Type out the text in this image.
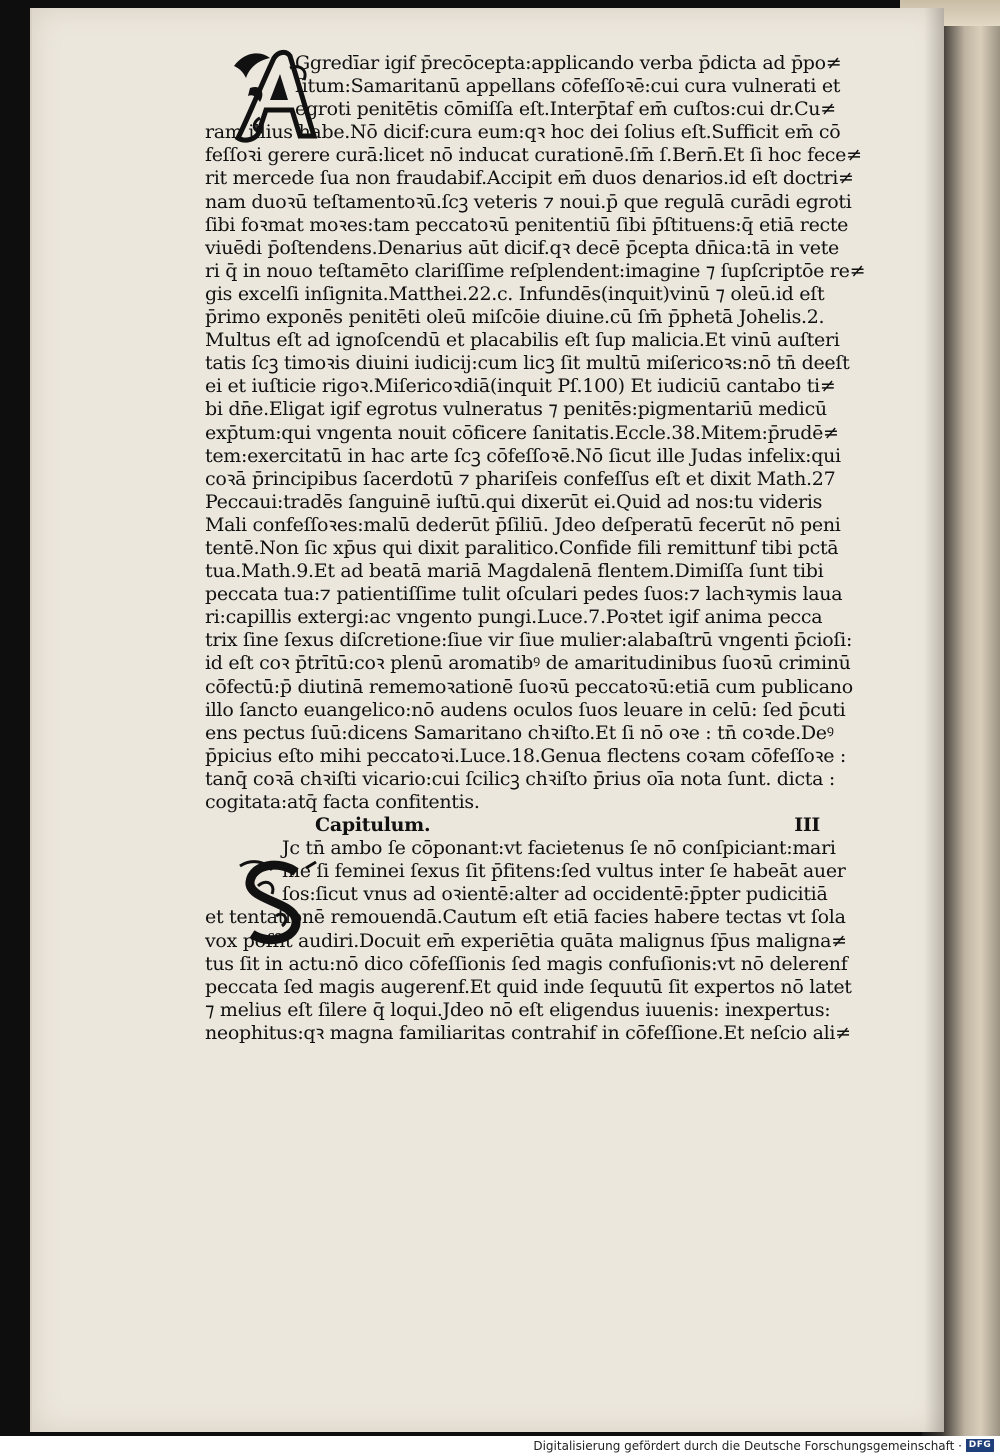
Ggredīar igif p̄recōcepta:applicando verba p̄dicta ad p̄po≠
ſitum:Samaritanū appellans cōfeſſoꝛē:cui cura vulnerati et
egroti penitētis cōmiſſa eſt.Interp̄taf em̄ cuſtos:cui dr.Cu≠
ram illius habe.Nō dicif:cura eum:qꝛ hoc dei ſolius eſt.Sufficit em̄ cō
feſſoꝛi gerere curā:licet nō inducat curationē.ſm̄ ſ.Bern̄.Et ſi hoc fece≠
rit mercede ſua non fraudabif.Accipit em̄ duos denarios.id eſt doctri≠
nam duoꝛū teſtamentoꝛū.ſcꝫ veteris ⁊ noui.p̄ que regulā curādi egroti
ſibi foꝛmat moꝛes:tam peccatoꝛū penitentiū ſibi p̄ſtituens:q̄ etiā recte
viuēdi p̄oſtendens.Denarius aūt dicif.qꝛ decē p̄cepta dn̄ica:tā in vete
ri q̄ in nouo teſtamēto clariſſime reſplendent:imagine ⁊ ſupſcriptōe re≠
gis excelſi inſignita.Matthei.22.c. Infundēs(inquit)vinū ⁊ oleū.id eſt
p̄rimo exponēs penitēti oleū miſcōie diuine.cū ſm̄ p̄phetā Johelis.2.
Multus eſt ad ignoſcendū et placabilis eſt ſup malicia.Et vinū auſteri
tatis ſcꝫ timoꝛis diuini iudicij:cum licꝫ ſit multū miſericoꝛs:nō tn̄ deeſt
ei et iuſticie rigoꝛ.Miſericoꝛdiā(inquit Pſ.100) Et iudiciū cantabo ti≠
bi dn̄e.Eligat igif egrotus vulneratus ⁊ penitēs:pigmentariū medicū
exp̄tum:qui vngenta nouit cōficere ſanitatis.Eccle.38.Mitem:p̄rudē≠
tem:exercitatū in hac arte ſcꝫ cōfeſſoꝛē.Nō ſicut ille Judas infelix:qui
coꝛā p̄rincipibus ſacerdotū ⁊ phariſeis confeſſus eſt et dixit Math.27
Peccaui:tradēs ſanguinē iuſtū.qui dixerūt ei.Quid ad nos:tu videris
Mali confeſſoꝛes:malū dederūt p̄ſiliū. Jdeo deſperatū fecerūt nō peni
tentē.Non ſic xp̄us qui dixit paralitico.Confide fili remittunf tibi pctā
tua.Math.9.Et ad beatā mariā Magdalenā flentem.Dimiſſa ſunt tibi
peccata tua:⁊ patientiſſime tulit oſculari pedes ſuos:⁊ lachꝛymis laua
ri:capillis extergi:ac vngento pungi.Luce.7.Poꝛtet igif anima pecca
trix ſine ſexus diſcretione:ſiue vir ſiue mulier:alabaſtrū vngenti p̄cioſi:
id eſt coꝛ p̄trītū:coꝛ plenū aromatibꝰ de amaritudinibus ſuoꝛū criminū
cōfectū:p̄ diutinā rememoꝛationē ſuoꝛū peccatoꝛū:etiā cum publicano
illo ſancto euangelico:nō audens oculos ſuos leuare in celū: ſed p̄cuti
ens pectus ſuū:dicens Samaritano chꝛiſto.Et ſi nō oꝛe : tn̄ coꝛde.Deꝰ
p̄picius eſto mihi peccatoꝛi.Luce.18.Genua flectens coꝛam cōfeſſoꝛe :
tanq̄ coꝛā chꝛiſti vicario:cui ſcilicꝫ chꝛiſto p̄rius oīa nota ſunt. dicta :
cogitata:atq̄ facta confitentis.
Capitulum.	III
Jc tn̄ ambo ſe cōponant:vt facietenus ſe nō conſpiciant:mari
me ſi feminei ſexus ſit p̄fitens:ſed vultus inter ſe habeāt auer
ſos:ſicut vnus ad oꝛientē:alter ad occidentē:p̄pter pudicitiā
et tentationē remouendā.Cautum eſt etiā facies habere tectas vt ſola
vox poſſit audiri.Docuit em̄ experiētia quāta malignus ſp̄us maligna≠
tus ſit in actu:nō dico cōfeſſionis ſed magis confuſionis:vt nō delerenf
peccata ſed magis augerenf.Et quid inde ſequutū ſit expertos nō latet
⁊ melius eſt ſilere q̄ loqui.Jdeo nō eſt eligendus iuuenis: inexpertus:
neophitus:qꝛ magna familiaritas contrahif in cōfeſſione.Et neſcio ali≠
Digitalisierung gefördert durch die Deutsche Forschungsgemeinschaft · DFG
